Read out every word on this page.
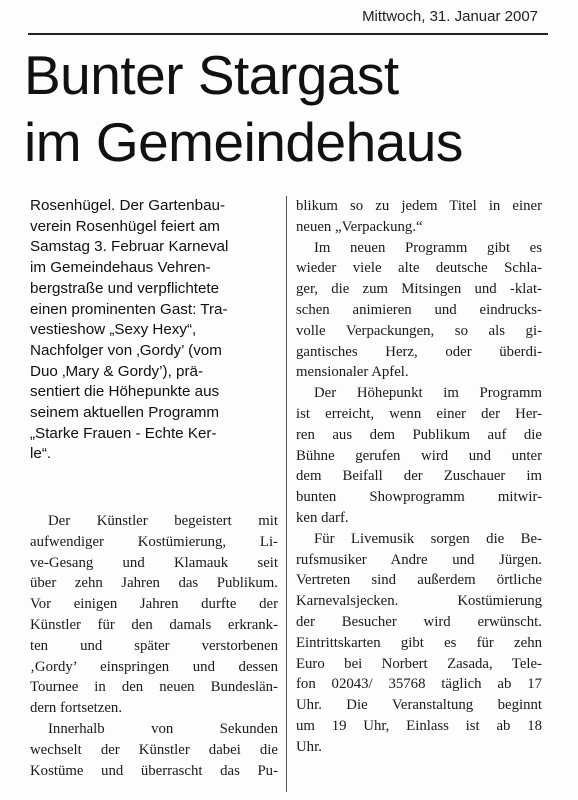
Mittwoch, 31. Januar 2007
Bunter Stargast
im Gemeindehaus
Rosenhügel. Der Gartenbau-
verein Rosenhügel feiert am
Samstag 3. Februar Karneval
im Gemeindehaus Vehren-
bergstraße und verpflichtete
einen prominenten Gast: Tra-
vestieshow „Sexy Hexy“,
Nachfolger von ‚Gordy’ (vom
Duo ‚Mary & Gordy’), prä-
sentiert die Höhepunkte aus
seinem aktuellen Programm
„Starke Frauen - Echte Ker-
le“.
Der Künstler begeistert mit
aufwendiger Kostümierung, Li-
ve-Gesang und Klamauk seit
über zehn Jahren das Publikum.
Vor einigen Jahren durfte der
Künstler für den damals erkrank-
ten und später verstorbenen
‚Gordy’ einspringen und dessen
Tournee in den neuen Bundeslän-
dern fortsetzen.
Innerhalb von Sekunden
wechselt der Künstler dabei die
Kostüme und überrascht das Pu-
blikum so zu jedem Titel in einer
neuen „Verpackung.“
Im neuen Programm gibt es
wieder viele alte deutsche Schla-
ger, die zum Mitsingen und -klat-
schen animieren und eindrucks-
volle Verpackungen, so als gi-
gantisches Herz, oder überdi-
mensionaler Apfel.
Der Höhepunkt im Programm
ist erreicht, wenn einer der Her-
ren aus dem Publikum auf die
Bühne gerufen wird und unter
dem Beifall der Zuschauer im
bunten Showprogramm mitwir-
ken darf.
Für Livemusik sorgen die Be-
rufsmusiker Andre und Jürgen.
Vertreten sind außerdem örtliche
Karnevalsjecken. Kostümierung
der Besucher wird erwünscht.
Eintrittskarten gibt es für zehn
Euro bei Norbert Zasada, Tele-
fon 02043/ 35768 täglich ab 17
Uhr. Die Veranstaltung beginnt
um 19 Uhr, Einlass ist ab 18
Uhr.
